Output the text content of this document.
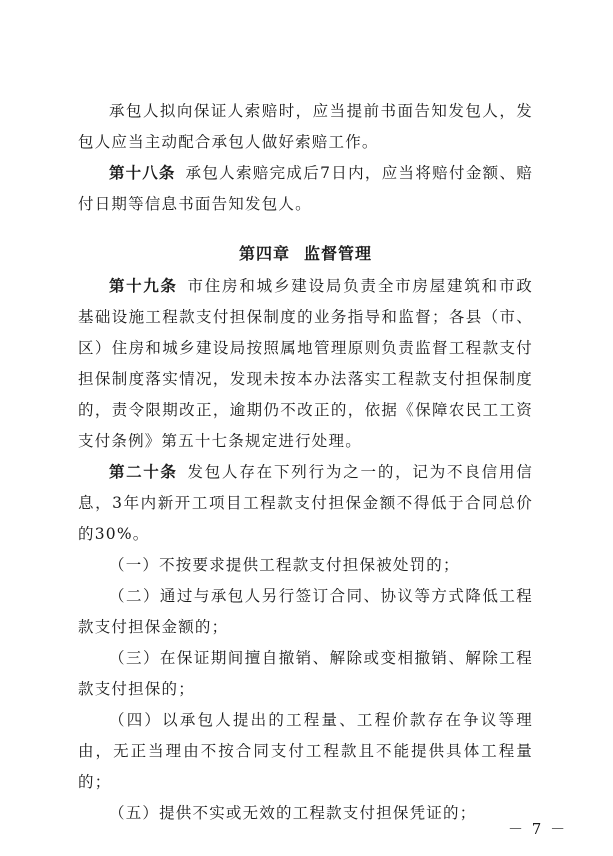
承包人拟向保证人索赔时，应当提前书面告知发包人，发包人应当主动配合承包人做好索赔工作。

第十八条 承包人索赔完成后7日内，应当将赔付金额、赔付日期等信息书面告知发包人。

第四章 监督管理

第十九条 市住房和城乡建设局负责全市房屋建筑和市政基础设施工程款支付担保制度的业务指导和监督；各县（市、区）住房和城乡建设局按照属地管理原则负责监督工程款支付担保制度落实情况，发现未按本办法落实工程款支付担保制度的，责令限期改正，逾期仍不改正的，依据《保障农民工工资支付条例》第五十七条规定进行处理。

第二十条 发包人存在下列行为之一的，记为不良信用信息，3年内新开工项目工程款支付担保金额不得低于合同总价的30%。

（一）不按要求提供工程款支付担保被处罚的；

（二）通过与承包人另行签订合同、协议等方式降低工程款支付担保金额的；

（三）在保证期间擅自撤销、解除或变相撤销、解除工程款支付担保的；

（四）以承包人提出的工程量、工程价款存在争议等理由，无正当理由不按合同支付工程款且不能提供具体工程量的；

（五）提供不实或无效的工程款支付担保凭证的；

－ 7 －
